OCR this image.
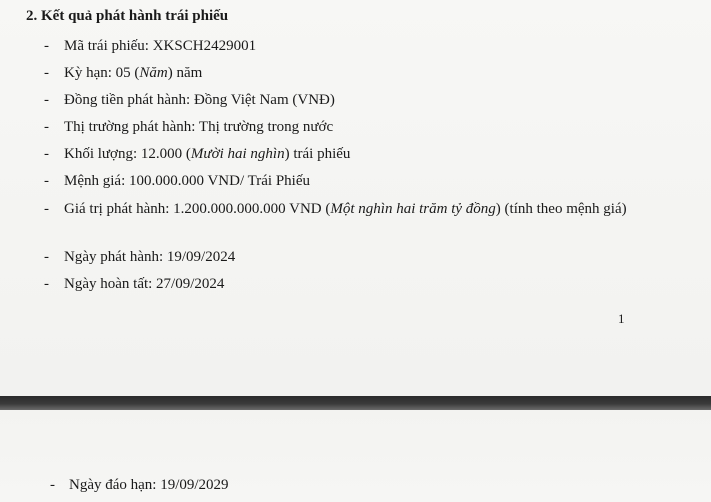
2. Kết quả phát hành trái phiếu
- Mã trái phiếu: XKSCH2429001
- Kỳ hạn: 05 (Năm) năm
- Đồng tiền phát hành: Đồng Việt Nam (VNĐ)
- Thị trường phát hành: Thị trường trong nước
- Khối lượng: 12.000 (Mười hai nghìn) trái phiếu
- Mệnh giá: 100.000.000 VND/ Trái Phiếu
- Giá trị phát hành: 1.200.000.000.000 VND (Một nghìn hai trăm tỷ đồng) (tính theo mệnh giá)
- Ngày phát hành: 19/09/2024
- Ngày hoàn tất: 27/09/2024
1
- Ngày đáo hạn: 19/09/2029
